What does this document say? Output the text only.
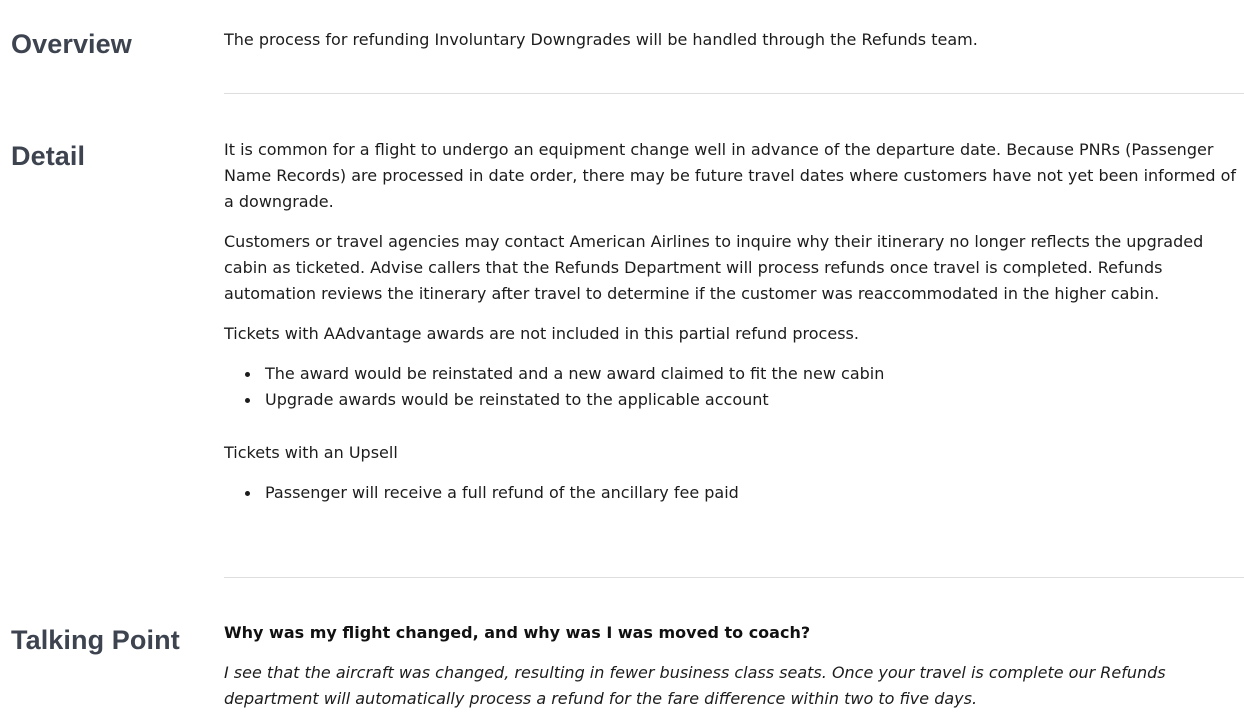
Overview	The process for refunding Involuntary Downgrades will be handled through the Refunds team.

Detail	It is common for a flight to undergo an equipment change well in advance of the departure date. Because PNRs (Passenger Name Records) are processed in date order, there may be future travel dates where customers have not yet been informed of a downgrade.

Customers or travel agencies may contact American Airlines to inquire why their itinerary no longer reflects the upgraded cabin as ticketed. Advise callers that the Refunds Department will process refunds once travel is completed. Refunds automation reviews the itinerary after travel to determine if the customer was reaccommodated in the higher cabin.

Tickets with AAdvantage awards are not included in this partial refund process.

The award would be reinstated and a new award claimed to fit the new cabin
Upgrade awards would be reinstated to the applicable account

Tickets with an Upsell

Passenger will receive a full refund of the ancillary fee paid
Talking Point	Why was my flight changed, and why was I was moved to coach?

I see that the aircraft was changed, resulting in fewer business class seats. Once your travel is complete our Refunds department will automatically process a refund for the fare difference within two to five days.
